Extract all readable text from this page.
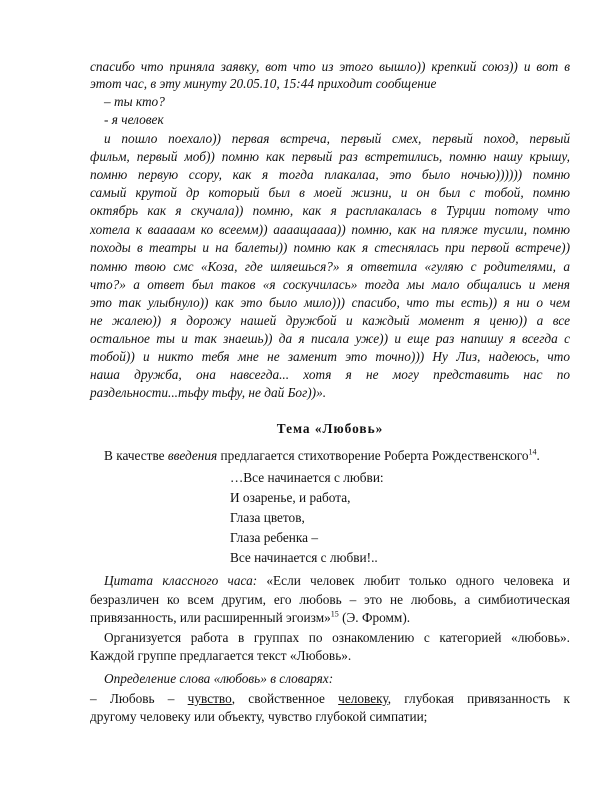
спасибо что приняла заявку, вот что из этого вышло)) крепкий союз)) и вот в
этот час, в эту минуту 20.05.10, 15:44 приходит сообщение
– ты кто?
- я человек
и пошло поехало)) первая встреча, первый смех, первый поход, первый
фильм, первый моб)) помню как первый раз встретились, помню нашу крышу,
помню первую ссору, как я тогда плакалаа, это было ночью)))))) помню
самый крутой др который был в моей жизни, и он был с тобой, помню
октябрь как я скучала)) помню, как я расплакалась в Турции потому что
хотела к вааааам ко всеемм)) аааащаааа)) помню, как на пляже тусили, помню
походы в театры и на балеты)) помню как я стеснялась при первой встрече))
помню твою смс «Коза, где шляешься?» я ответила «гуляю с родителями, а
что?» а ответ был таков «я соскучилась» тогда мы мало общались и меня
это так улыбнуло)) как это было мило))) спасибо, что ты есть)) я ни о чем
не жалею)) я дорожу нашей дружбой и каждый момент я ценю)) а все
остальное ты и так знаешь)) да я писала уже)) и еще раз напишу я всегда с
тобой)) и никто тебя мне не заменит это точно))) Ну Лиз, надеюсь, что
наша дружба, она навсегда... хотя я не могу представить нас по
раздельности...тьфу тьфу, не дай Бог))».
Тема «Любовь»
В качестве введения предлагается стихотворение Роберта Рождественского$^{14}$.
…Все начинается с любви:
И озаренье, и работа,
Глаза цветов,
Глаза ребенка –
Все начинается с любви!..
Цитата классного часа: «Если человек любит только одного человека и
безразличен ко всем другим, его любовь – это не любовь, а симбиотическая
привязанность, или расширенный эгоизм»$^{15}$ (Э. Фромм).
Организуется работа в группах по ознакомлению с категорией «любовь».
Каждой группе предлагается текст «Любовь».
Определение слова «любовь» в словарях:
– Любовь – чувство, свойственное человеку, глубокая привязанность к
другому человеку или объекту, чувство глубокой симпатии;
